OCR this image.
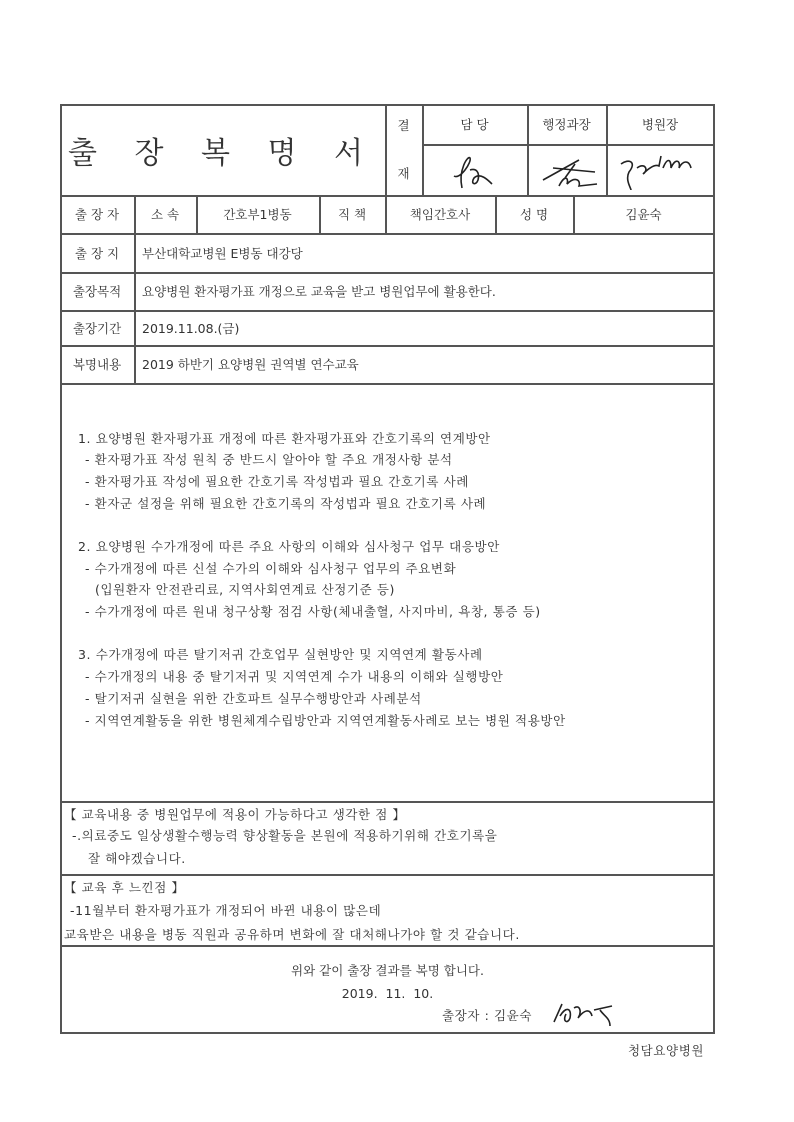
출 장 복 명 서
결
재
담 당	행정과장	병원장
출 장 자	소 속	간호부1병동	직 책	책임간호사	성 명	김윤숙
출 장 지	부산대학교병원 E병동 대강당
출장목적	요양병원 환자평가표 개정으로 교육을 받고 병원업무에 활용한다.
출장기간	2019.11.08.(금)
복명내용	2019 하반기 요양병원 권역별 연수교육
1. 요양병원 환자평가표 개정에 따른 환자평가표와 간호기록의 연계방안
- 환자평가표 작성 원칙 중 반드시 알아야 할 주요 개정사항 분석
- 환자평가표 작성에 필요한 간호기록 작성법과 필요 간호기록 사례
- 환자군 설정을 위해 필요한 간호기록의 작성법과 필요 간호기록 사례
2. 요양병원 수가개정에 따른 주요 사항의 이해와 심사청구 업무 대응방안
- 수가개정에 따른 신설 수가의 이해와 심사청구 업무의 주요변화
(입원환자 안전관리료, 지역사회연계료 산정기준 등)
- 수가개정에 따른 원내 청구상황 점검 사항(체내출혈, 사지마비, 욕창, 통증 등)
3. 수가개정에 따른 탈기저귀 간호업무 실현방안 및 지역연계 활동사례
- 수가개정의 내용 중 탈기저귀 및 지역연계 수가 내용의 이해와 실행방안
- 탈기저귀 실현을 위한 간호파트 실무수행방안과 사례분석
- 지역연계활동을 위한 병원체계수립방안과 지역연계활동사례로 보는 병원 적용방안
【 교육내용 중 병원업무에 적용이 가능하다고 생각한 점 】
-.의료중도 일상생활수행능력 향상활동을 본원에 적용하기위해 간호기록을
잘 해야겠습니다.
【 교육 후 느낀점 】
-11월부터 환자평가표가 개정되어 바뀐 내용이 많은데
교육받은 내용을 병동 직원과 공유하며 변화에 잘 대처해나가야 할 것 같습니다.
위와 같이 출장 결과를 복명 합니다.
2019.  11.  10.
출장자 : 김윤숙
청담요양병원
